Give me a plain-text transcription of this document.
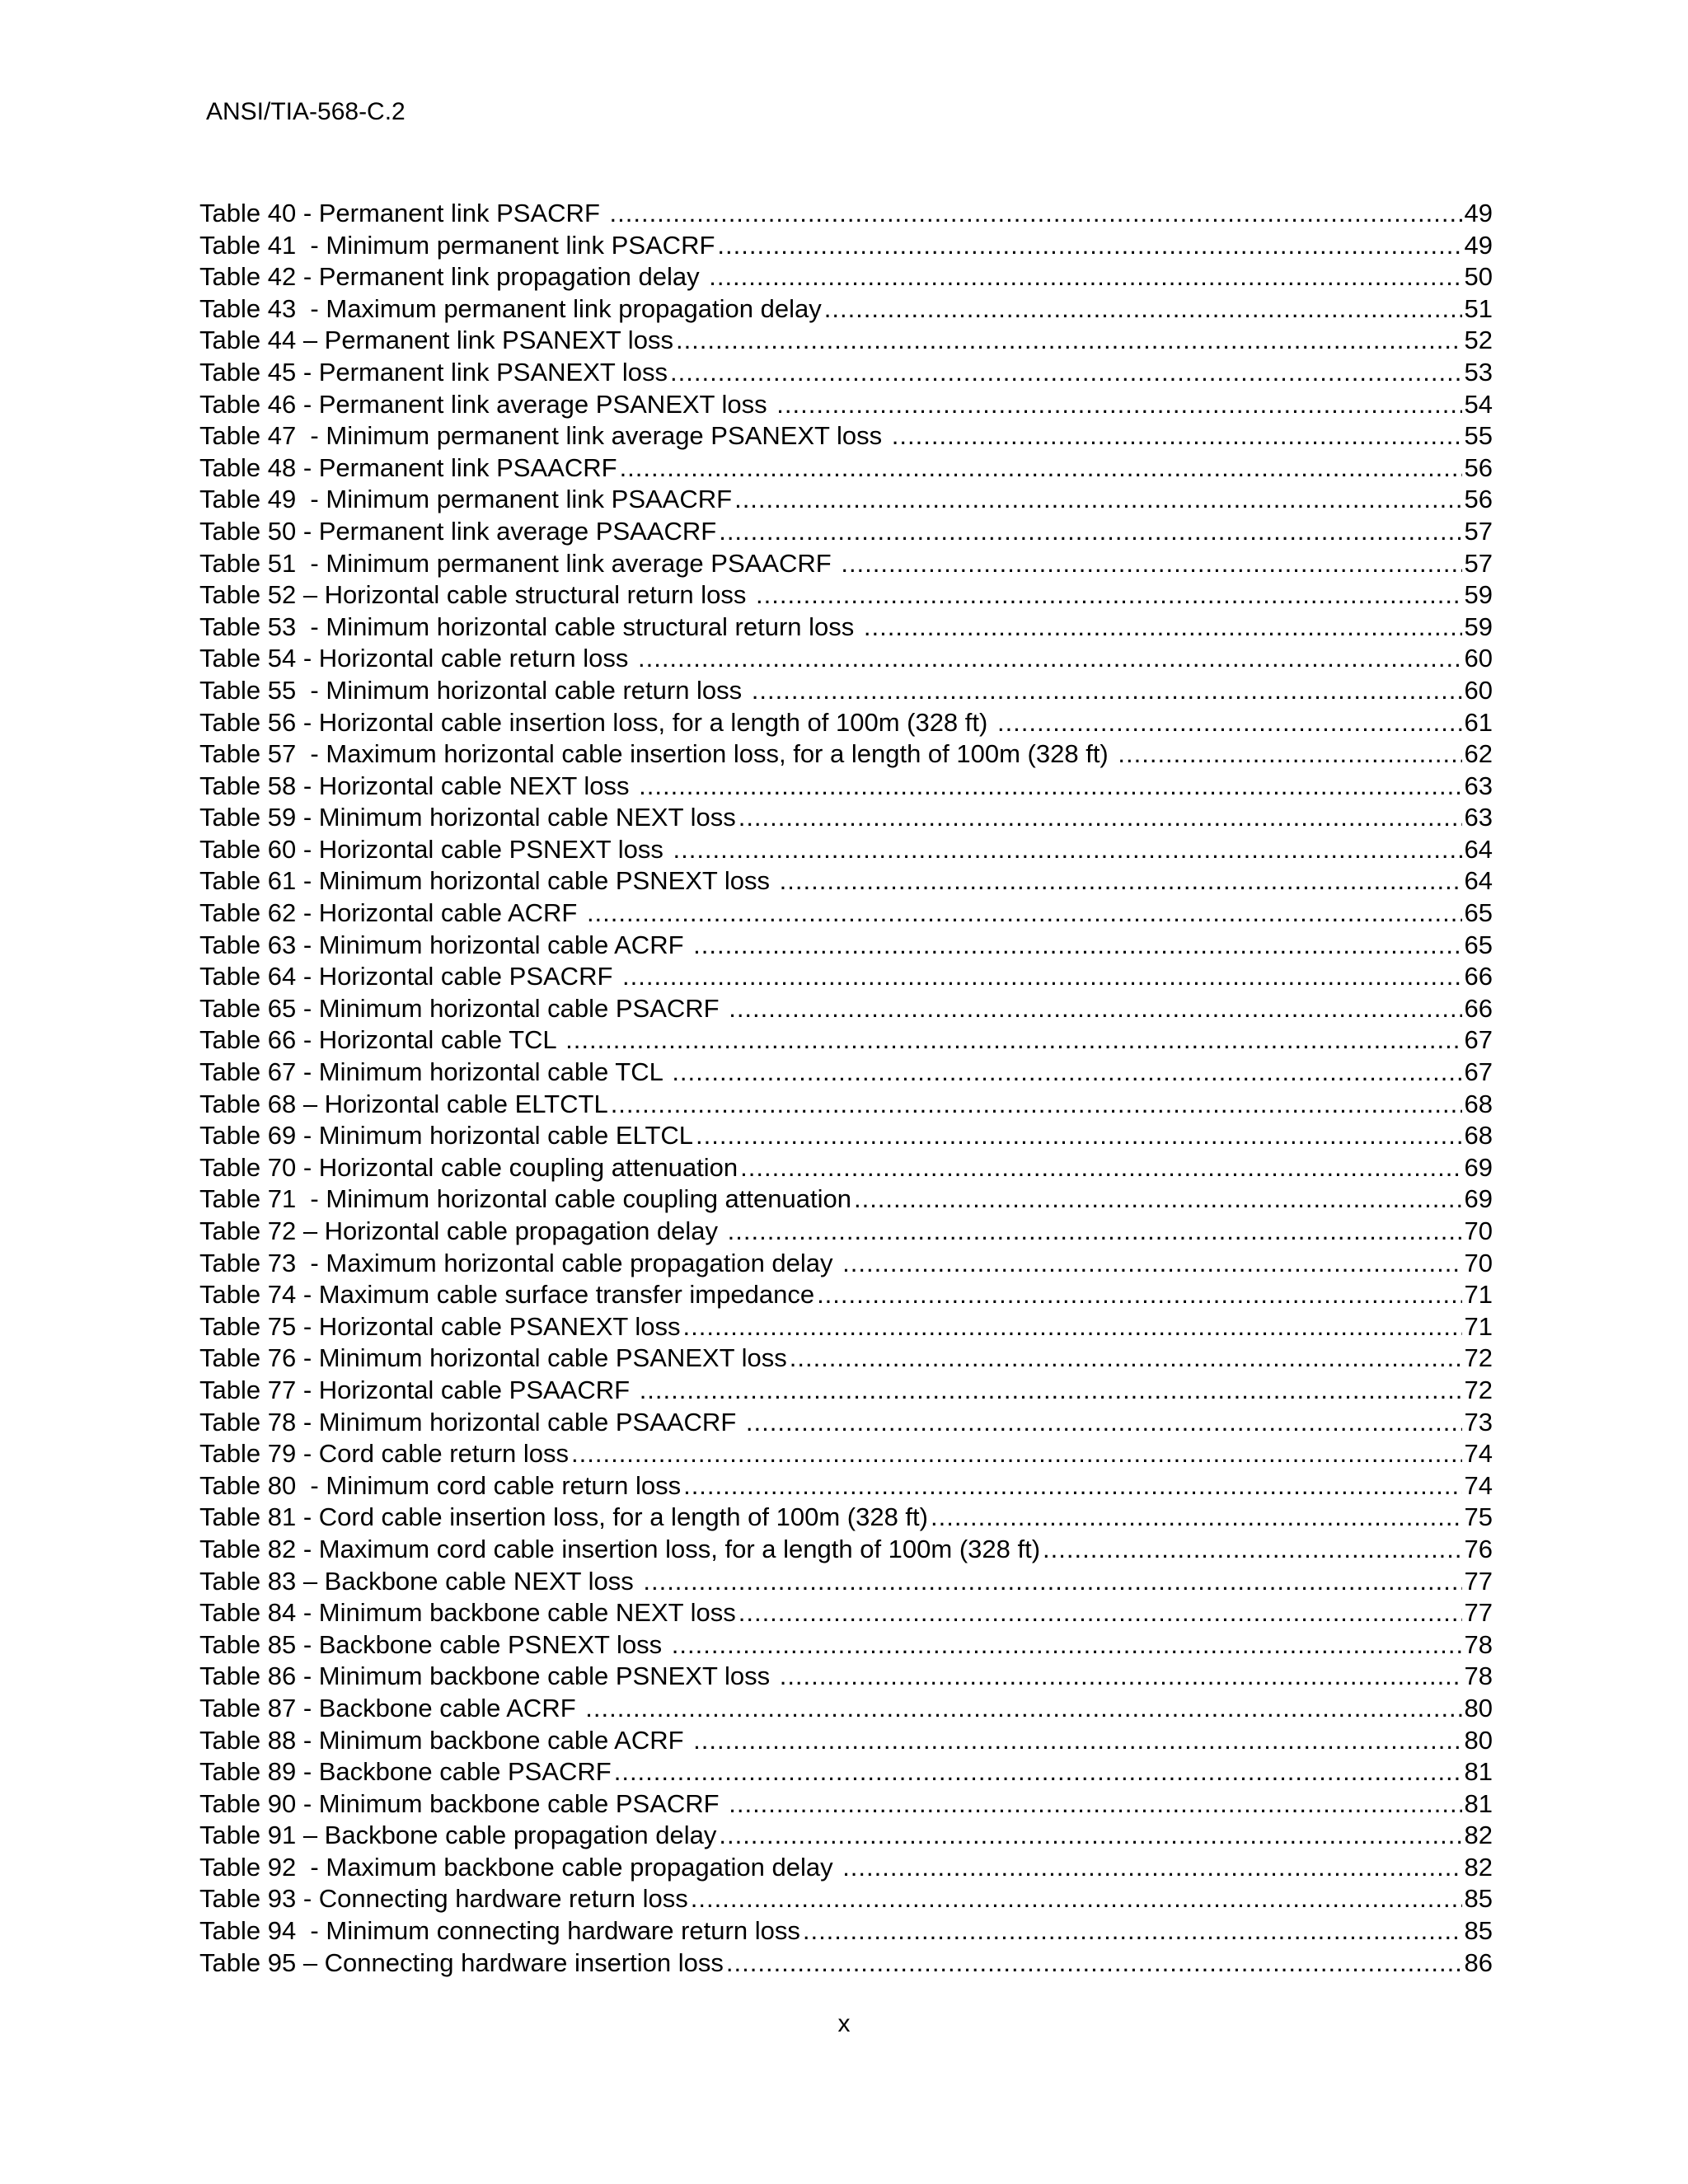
ANSI/TIA-568-C.2
Table 40 - Permanent link PSACRF .....	49
Table 41  - Minimum permanent link PSACRF .....	49
Table 42 - Permanent link propagation delay .....	50
Table 43  - Maximum permanent link propagation delay .....	51
Table 44 – Permanent link PSANEXT loss .....	52
Table 45 - Permanent link PSANEXT loss .....	53
Table 46 - Permanent link average PSANEXT loss .....	54
Table 47  - Minimum permanent link average PSANEXT loss .....	55
Table 48 - Permanent link PSAACRF .....	56
Table 49  - Minimum permanent link PSAACRF .....	56
Table 50 - Permanent link average PSAACRF .....	57
Table 51  - Minimum permanent link average PSAACRF .....	57
Table 52 – Horizontal cable structural return loss .....	59
Table 53  - Minimum horizontal cable structural return loss .....	59
Table 54 - Horizontal cable return loss .....	60
Table 55  - Minimum horizontal cable return loss .....	60
Table 56 - Horizontal cable insertion loss, for a length of 100m (328 ft) .....	61
Table 57  - Maximum horizontal cable insertion loss, for a length of 100m (328 ft) .....	62
Table 58 - Horizontal cable NEXT loss .....	63
Table 59 - Minimum horizontal cable NEXT loss .....	63
Table 60 - Horizontal cable PSNEXT loss .....	64
Table 61 - Minimum horizontal cable PSNEXT loss .....	64
Table 62 - Horizontal cable ACRF .....	65
Table 63 - Minimum horizontal cable ACRF .....	65
Table 64 - Horizontal cable PSACRF .....	66
Table 65 - Minimum horizontal cable PSACRF .....	66
Table 66 - Horizontal cable TCL .....	67
Table 67 - Minimum horizontal cable TCL .....	67
Table 68 – Horizontal cable ELTCTL .....	68
Table 69 - Minimum horizontal cable ELTCL .....	68
Table 70 - Horizontal cable coupling attenuation .....	69
Table 71  - Minimum horizontal cable coupling attenuation .....	69
Table 72 – Horizontal cable propagation delay .....	70
Table 73  - Maximum horizontal cable propagation delay .....	70
Table 74 - Maximum cable surface transfer impedance .....	71
Table 75 - Horizontal cable PSANEXT loss .....	71
Table 76 - Minimum horizontal cable PSANEXT loss .....	72
Table 77 - Horizontal cable PSAACRF .....	72
Table 78 - Minimum horizontal cable PSAACRF .....	73
Table 79 - Cord cable return loss .....	74
Table 80  - Minimum cord cable return loss .....	74
Table 81 - Cord cable insertion loss, for a length of 100m (328 ft) .....	75
Table 82 - Maximum cord cable insertion loss, for a length of 100m (328 ft) .....	76
Table 83 – Backbone cable NEXT loss .....	77
Table 84 - Minimum backbone cable NEXT loss .....	77
Table 85 - Backbone cable PSNEXT loss .....	78
Table 86 - Minimum backbone cable PSNEXT loss .....	78
Table 87 - Backbone cable ACRF .....	80
Table 88 - Minimum backbone cable ACRF .....	80
Table 89 - Backbone cable PSACRF .....	81
Table 90 - Minimum backbone cable PSACRF .....	81
Table 91 – Backbone cable propagation delay .....	82
Table 92  - Maximum backbone cable propagation delay .....	82
Table 93 - Connecting hardware return loss .....	85
Table 94  - Minimum connecting hardware return loss .....	85
Table 95 – Connecting hardware insertion loss .....	86
x
